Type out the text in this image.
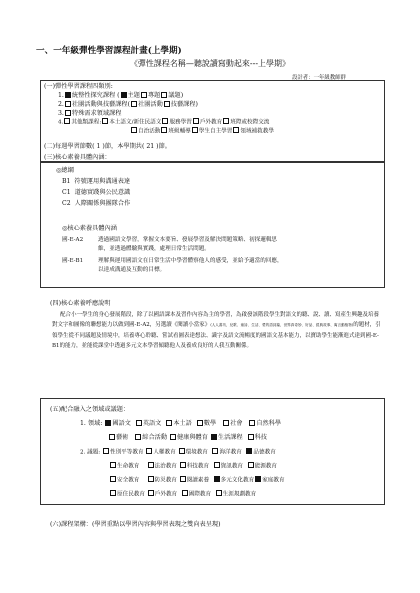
一、一年級彈性學習課程計畫(上學期)
《彈性課程名稱—聽說讀寫動起來---上學期》
設計者：一年級教師群
(一)彈性學習課程四類別:
1. 統整性探究課程 ( 主題 專題 議題)
2. 社團活動與技藝課程( 社團活動 技藝課程)
3. 特殊需求領域課程
4. 其他類課程: 本土語文/新住民語文 服務學習 戶外教育 班際或校際交流
自治活動 班級輔導 學生自主學習 領域補救教學
(二)每週學習節數( 1 )節，本學期共( 21 )節。
(三)核心素養具體內涵：
◎總綱
B1 符號運用與溝通表達
C1 道德實踐與公民意識
C2 人際關係與團隊合作
◎核心素養具體內涵
國-E-A2	透過國語文學習，掌握文本要旨、發展學習及解決問題策略、初探邏輯思
維，並透過體驗與實踐，處理日常生活問題。
國-E-B1	理解與運用國語文在日常生活中學習體察他人的感受，並給予適當的回應，
以達成溝通及互動的目標。
(四)核心素養呼應說明
配合小一學生的身心發展階段，除了以國語課本及習作內容為主的學習，為啟發該階段學生對語文的聽、說、讀、寫產生興趣及培養對文字和圖像的聯想能力以做到國-E-A2，另選讀《閱讀小當家》(人人書坊，兒歌、童詩、生活、愛的語詞篇，世界真奇妙、好品、經典故事、寓言動植物)的題材，引領學生從不同議題及情境中，培養專心聆聽、嘗試看圖表達想法、識字及語文流暢度的國語文基本能力，以寶助學生能漸進式達到國-E-B1的能力，並能從課堂中透過多元文本學習傾聽他人及養成良好的人我互動關係。
(五)配合融入之領域或議題：
1. 領域: 國語文 英語文 本土語 數學 社會 自然科學
藝術 綜合活動 健康與體育 生活課程 科技
2. 議題: 性別平等教育 人權教育 環境教育 海洋教育 品德教育
生命教育	法治教育 科技教育 資訊教育 能源教育
安全教育	防災教育 閱讀素養 多元文化教育 家庭教育
原住民教育 戶外教育 國際教育 生涯規劃教育
(六)課程架構：(學習重點以學習內容與學習表現之雙向表呈現)
